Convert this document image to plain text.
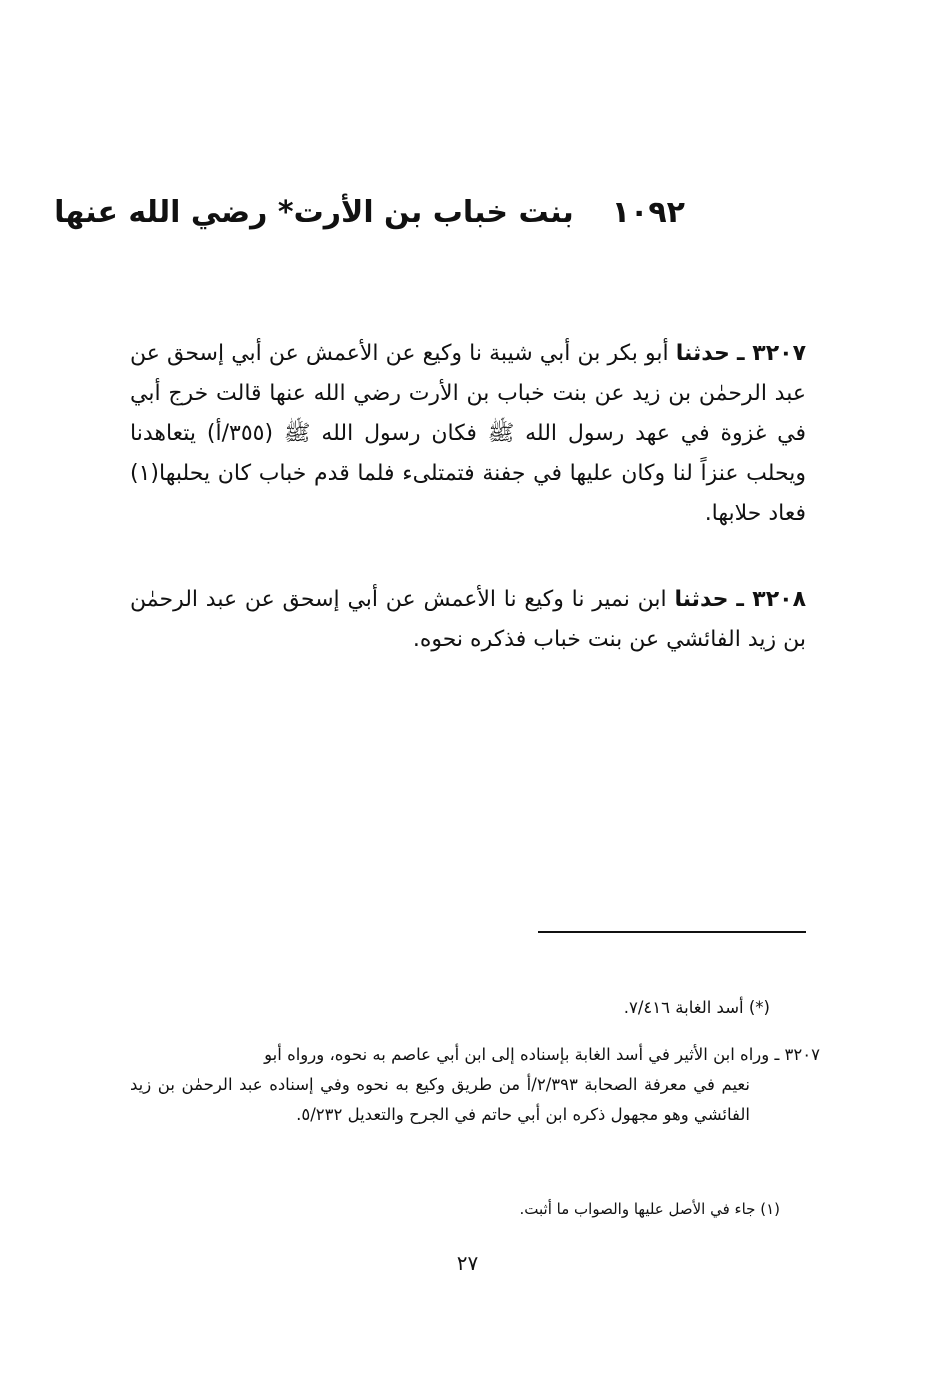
١٠٩٢بنت خباب بن الأرت* رضي الله عنها
٣٢٠٧ ـ حدثنا أبو بكر بن أبي شيبة نا وكيع عن الأعمش عن أبي إسحق عن عبد الرحمٰن بن زيد عن بنت خباب بن الأرت رضي الله عنها قالت خرج أبي في غزوة في عهد رسول الله ﷺ فكان رسول الله ﷺ (٣٥٥/أ) يتعاهدنا ويحلب عنزاً لنا وكان عليها في جفنة فتمتلىء فلما قدم خباب كان يحلبها(١) فعاد حلابها.
٣٢٠٨ ـ حدثنا ابن نمير نا وكيع نا الأعمش عن أبي إسحق عن عبد الرحمٰن بن زيد الفائشي عن بنت خباب فذكره نحوه.
(*) أسد الغابة ٧/٤١٦.
٣٢٠٧ ـ وراه ابن الأثير في أسد الغابة بإسناده إلى ابن أبي عاصم به نحوه، ورواه أبو
نعيم في معرفة الصحابة ٢/٣٩٣/أ من طريق وكيع به نحوه وفي إسناده عبد الرحمٰن بن زيد الفائشي وهو مجهول ذكره ابن أبي حاتم في الجرح والتعديل ٥/٢٣٢.
(١) جاء في الأصل عليها والصواب ما أثبت.
٢٧
